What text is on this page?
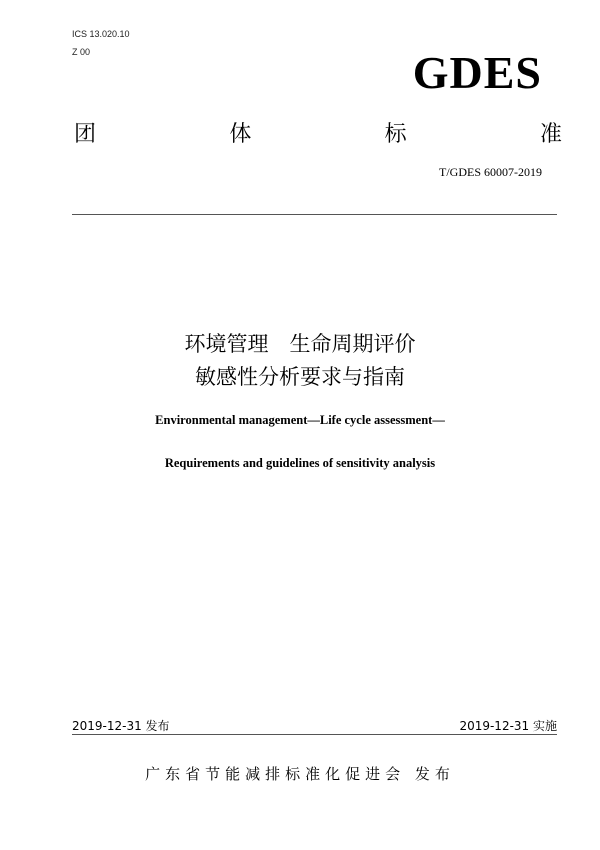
ICS 13.020.10
Z 00	GDES
团	体	标	准
T/GDES 60007-2019
环境管理　生命周期评价
敏感性分析要求与指南
Environmental management—Life cycle assessment—
Requirements and guidelines of sensitivity analysis
2019-12-31 发布	2019-12-31 实施
广东省节能减排标准化促进会 发布
